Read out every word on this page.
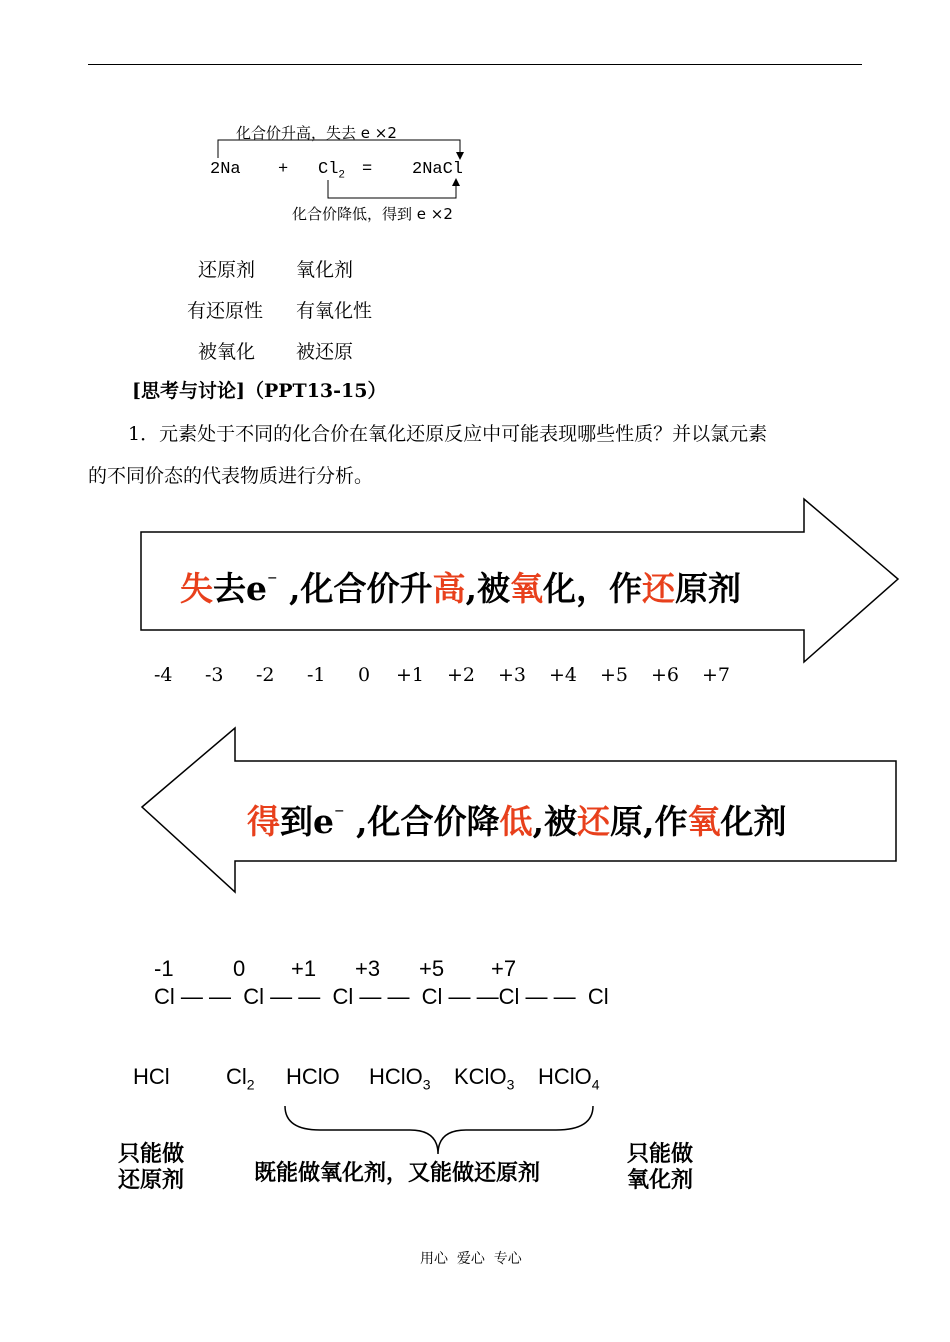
化合价升高，失去 e ×2
$2Na + Cl_2$ = 2NaCl
化合价降低，得到 e ×2
还原剂 氧化剂
有还原性 有氧化性
被氧化 被还原
[思考与讨论]（PPT13-15）
1．元素处于不同的化合价在氧化还原反应中可能表现哪些性质？并以氯元素
的不同价态的代表物质进行分析。
失去e⁻ ,化合价升高,被氧化，作还原剂
-4 -3 -2 -1 0 +1 +2 +3 +4 +5 +6 +7
得到e⁻ ,化合价降低,被还原,作氧化剂
-1	0 +1 +3 +5 +7
Cl — —  Cl — —  Cl — —  Cl — —Cl — —  Cl
HCl	$Cl_2$ HClO HClO$_3$ KClO$_3$ HClO$_4$
只能做
还原剂	既能做氧化剂，又能做还原剂
只能做
氧化剂
用心  爱心  专心
